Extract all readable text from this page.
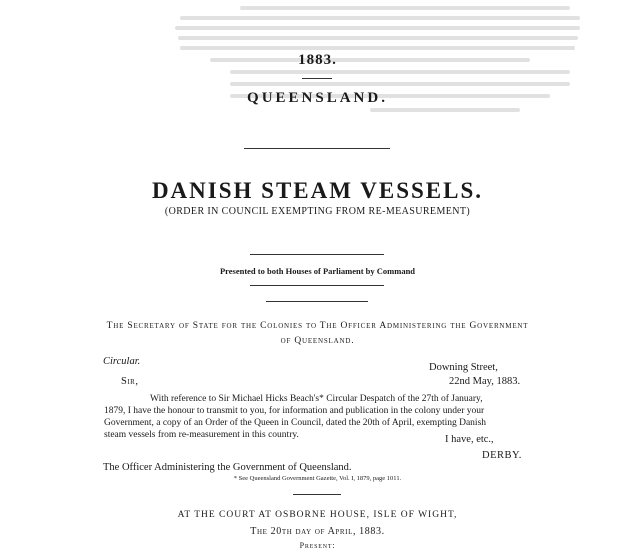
1883.
QUEENSLAND.
DANISH STEAM VESSELS.
(ORDER IN COUNCIL EXEMPTING FROM RE-MEASUREMENT)
Presented to both Houses of Parliament by Command
The Secretary of State for the Colonies to The Officer Administering the Government
of Queensland.
Circular.
Downing Street,
Sir,	22nd May, 1883.
With reference to Sir Michael Hicks Beach's* Circular Despatch of the 27th of January,
1879, I have the honour to transmit to you, for information and publication in the colony under your
Government, a copy of an Order of the Queen in Council, dated the 20th of April, exempting Danish
steam vessels from re-measurement in this country.	I have, etc.,
DERBY.
The Officer Administering the Government of Queensland.
* See Queensland Government Gazette, Vol. I, 1879, page 1011.
AT THE COURT AT OSBORNE HOUSE, ISLE OF WIGHT,
The 20th day of April, 1883.
Present:
